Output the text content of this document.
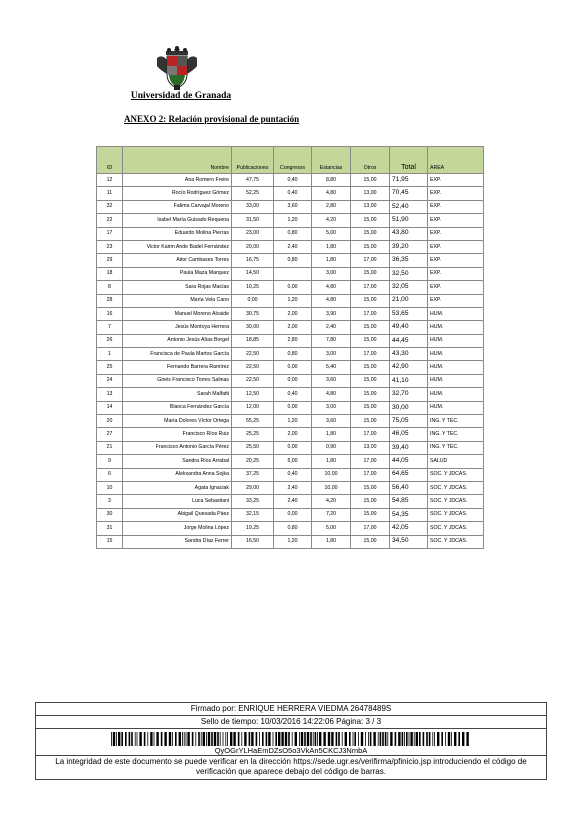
Universidad de Granada
ANEXO 2: Relación provisional de puntación
ID	Nombre	Publicaciones	Congresos	Estancias	Otros	Total	AREA
12	Ana Romero Freire	47,75	0,40	8,80	15,00	71,95	EXP.
11	Rocío Rodríguez Gómez	52,25	0,40	4,80	13,00	70,45	EXP.
32	Fatima Carvajal Moreno	33,00	3,60	2,80	13,00	52,40	EXP.
22	Isabel María Guisado Requena	31,50	1,20	4,20	15,00	51,90	EXP.
17	Eduardo Molina Pierras	23,00	0,80	5,00	15,00	43,80	EXP.
23	Victor Karim Ande Badel Fernández	20,00	2,40	1,80	15,00	39,20	EXP.
29	Aitor Cambases Torres	16,75	0,80	1,80	17,00	36,35	EXP.
18	Paula Maza Marquez	14,50		3,00	15,00	32,50	EXP.
8	Sara Rojas Macías	10,25	0,00	4,80	17,00	32,05	EXP.
28	María Vela Cano	0,00	1,20	4,80	15,00	21,00	EXP.
16	Manuel Moreno Alcaide	30,75	2,00	3,90	17,00	53,65	HUM.
7	Jesús Montoya Herrera	30,00	2,00	2,40	15,00	49,40	HUM.
26	Antonio Jesús Alías Borgel	18,85	2,80	7,80	15,00	44,45	HUM.
1	Francisca de Paula Martos García	22,50	0,80	3,00	17,00	43,30	HUM.
25	Fernando Barrera Ramírez	22,50	0,00	5,40	15,00	42,90	HUM.
24	Ginés Francisco Torres Salinas	22,50	0,00	3,60	15,00	41,10	HUM.
13	Sarah Malfatti	12,50	0,40	4,80	15,00	32,70	HUM.
14	Blanca Fernández García	12,00	0,00	3,00	15,00	30,00	HUM.
20	María Dolores Víctor Ortega	55,25	1,20	3,60	15,00	75,05	ING. Y TEC.
27	Francisco Ríos Ruiz	25,25	2,00	1,80	17,00	46,05	ING. Y TEC.
21	Francisco Antonio García Pérez	25,50	0,00	0,90	13,00	39,40	ING. Y TEC.
9	Sandra Ríos Arrabal	20,25	5,00	1,80	17,00	44,05	SALUD
6	Alekxandra Anna Sojka	37,25	0,40	10,00	17,00	64,65	SOC. Y JDCAS.
10	Agata Ignaciak	29,00	2,40	10,00	15,00	56,40	SOC. Y JDCAS.
3	Luca Sebastiani	33,25	2,40	4,20	15,00	54,85	SOC. Y JDCAS.
30	Abigail Quesada Páez	32,15	0,00	7,20	15,00	54,35	SOC. Y JDCAS.
31	Jorge Molina López	19,25	0,80	5,00	17,00	42,05	SOC. Y JDCAS.
15	Sandra Díaz Ferrer	16,50	1,20	1,80	15,00	34,50	SOC. Y JDCAS.
Firmado por: ENRIQUE HERRERA VIEDMA 26478489S
Sello de tiempo: 10/03/2016 14:22:06 Página: 3 / 3
QyOGrYLHaEmDZsO5o3VkAn5CKCJ3NmbA
La integridad de este documento se puede verificar en la dirección https://sede.ugr.es/verifirma/pfinicio.jsp introduciendo el código de verificación que aparece debajo del código de barras.
